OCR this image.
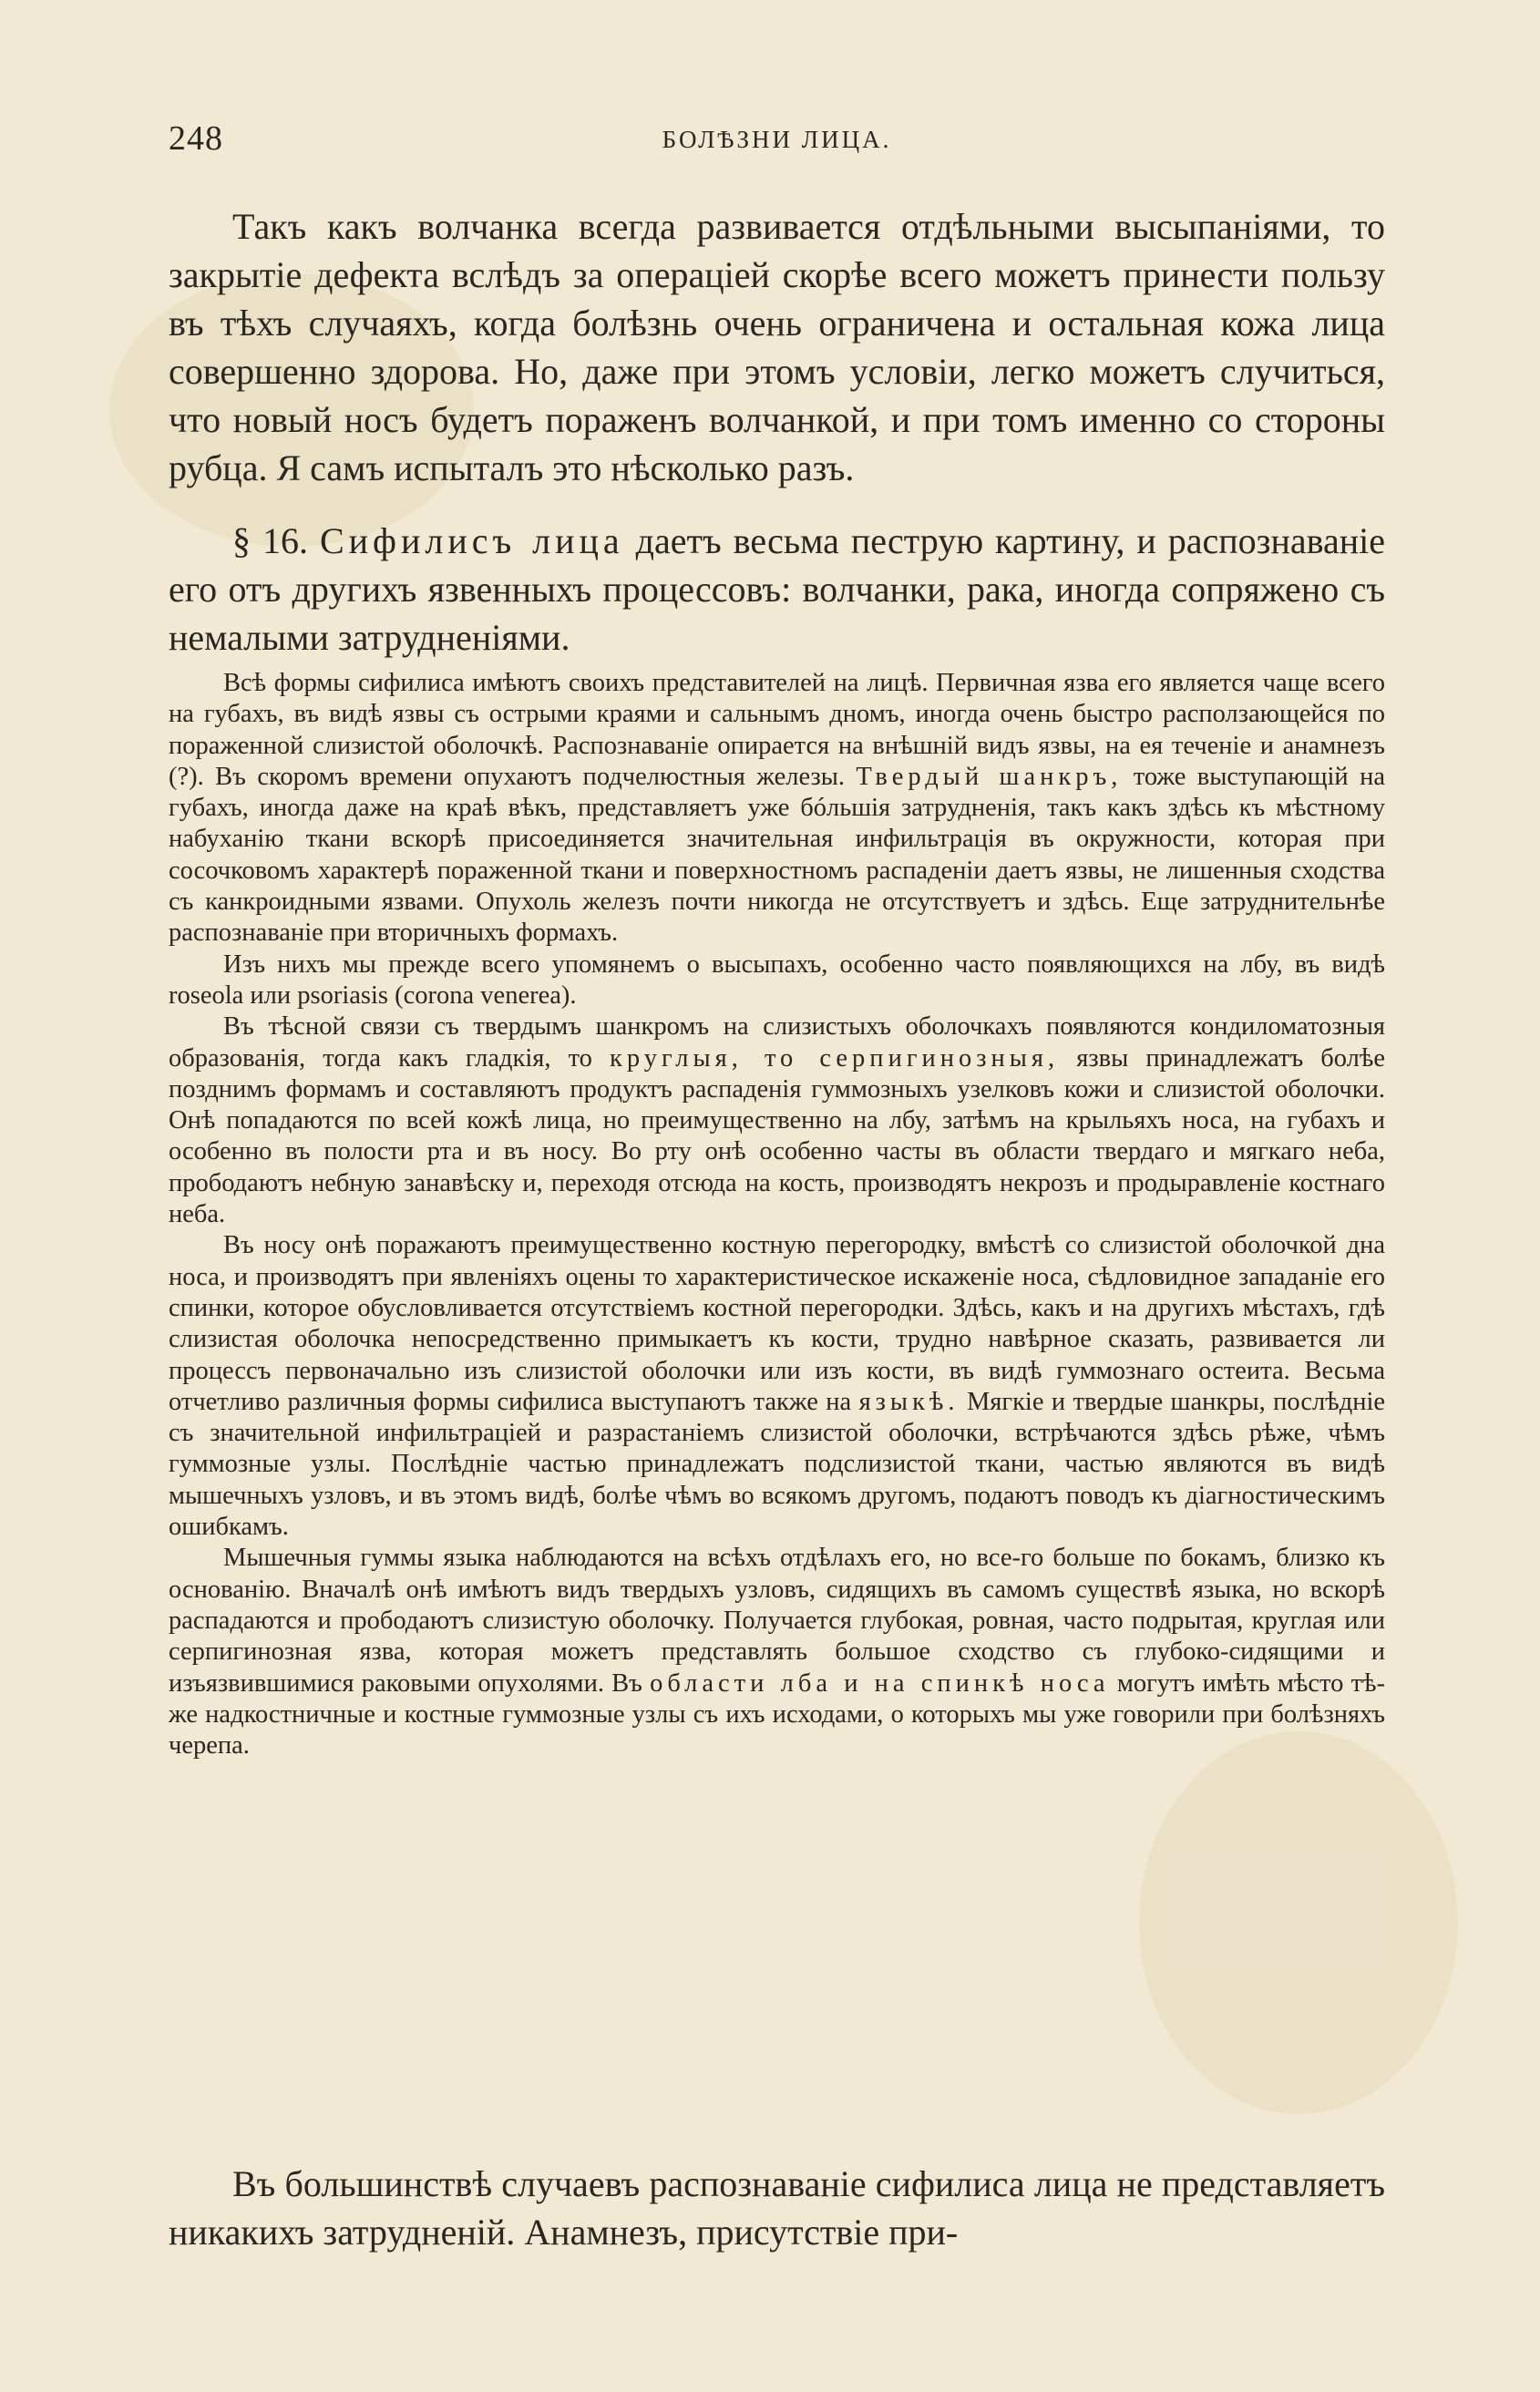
248	БОЛѢЗНИ ЛИЦА.

Такъ какъ волчанка всегда развивается отдѣльными высыпаніями, то закрытіе дефекта вслѣдъ за операціей скорѣе всего можетъ принести пользу въ тѣхъ случаяхъ, когда болѣзнь очень ограничена и остальная кожа лица совершенно здорова. Но, даже при этомъ условіи, легко можетъ случиться, что новый носъ будетъ пораженъ волчанкой, и при томъ именно со стороны рубца. Я самъ испыталъ это нѣсколько разъ.

§ 16. Сифилисъ лица даетъ весьма пеструю картину, и распознаваніе его отъ другихъ язвенныхъ процессовъ: волчанки, рака, иногда сопряжено съ немалыми затрудненіями.

Всѣ формы сифилиса имѣютъ своихъ представителей на лицѣ. Первичная язва его является чаще всего на губахъ, въ видѣ язвы съ острыми краями и сальнымъ дномъ, иногда очень быстро расползающейся по пораженной слизистой оболочкѣ. Распознаваніе опирается на внѣшній видъ язвы, на ея теченіе и анамнезъ (?). Въ скоромъ времени опухаютъ подчелюстныя железы. Твердый шанкръ, тоже выступающій на губахъ, иногда даже на краѣ вѣкъ, представляетъ уже бóльшія затрудненія, такъ какъ здѣсь къ мѣстному набуханію ткани вскорѣ присоединяется значительная инфильтрація въ окружности, которая при сосочковомъ характерѣ пораженной ткани и поверхностномъ распаденіи даетъ язвы, не лишенныя сходства съ канкроидными язвами. Опухоль железъ почти никогда не отсутствуетъ и здѣсь. Еще затруднительнѣе распознаваніе при вторичныхъ формахъ.

Изъ нихъ мы прежде всего упомянемъ о высыпахъ, особенно часто появляющихся на лбу, въ видѣ roseola или psoriasis (corona venerea).

Въ тѣсной связи съ твердымъ шанкромъ на слизистыхъ оболочкахъ появляются кондиломатозныя образованія, тогда какъ гладкія, то круглыя, то серпигинозныя, язвы принадлежатъ болѣе позднимъ формамъ и составляютъ продуктъ распаденія гуммозныхъ узелковъ кожи и слизистой оболочки. Онѣ попадаются по всей кожѣ лица, но преимущественно на лбу, затѣмъ на крыльяхъ носа, на губахъ и особенно въ полости рта и въ носу. Во рту онѣ особенно часты въ области твердаго и мягкаго неба, прободаютъ небную занавѣску и, переходя отсюда на кость, производятъ некрозъ и продыравленіе костнаго неба.

Въ носу онѣ поражаютъ преимущественно костную перегородку, вмѣстѣ со слизистой оболочкой дна носа, и производятъ при явленіяхъ оцены то характеристическое искаженіе носа, сѣдловидное западаніе его спинки, которое обусловливается отсутствіемъ костной перегородки. Здѣсь, какъ и на другихъ мѣстахъ, гдѣ слизистая оболочка непосредственно примыкаетъ къ кости, трудно навѣрное сказать, развивается ли процессъ первоначально изъ слизистой оболочки или изъ кости, въ видѣ гуммознаго остеита. Весьма отчетливо различныя формы сифилиса выступаютъ также на языкѣ. Мягкіе и твердые шанкры, послѣдніе съ значительной инфильтраціей и разрастаніемъ слизистой оболочки, встрѣчаются здѣсь рѣже, чѣмъ гуммозные узлы. Послѣдніе частью принадлежатъ подслизистой ткани, частью являются въ видѣ мышечныхъ узловъ, и въ этомъ видѣ, болѣе чѣмъ во всякомъ другомъ, подаютъ поводъ къ діагностическимъ ошибкамъ.

Мышечныя гуммы языка наблюдаются на всѣхъ отдѣлахъ его, но все-го больше по бокамъ, близко къ основанію. Вначалѣ онѣ имѣютъ видъ твердыхъ узловъ, сидящихъ въ самомъ существѣ языка, но вскорѣ распадаются и прободаютъ слизистую оболочку. Получается глубокая, ровная, часто подрытая, круглая или серпигинозная язва, которая можетъ представлять большое сходство съ глубоко-сидящими и изъязвившимися раковыми опухолями. Въ области лба и на спинкѣ носа могутъ имѣть мѣсто тѣ-же надкостничные и костные гуммозные узлы съ ихъ исходами, о которыхъ мы уже говорили при болѣзняхъ черепа.

Въ большинствѣ случаевъ распознаваніе сифилиса лица не представляетъ никакихъ затрудненій. Анамнезъ, присутствіе при-
